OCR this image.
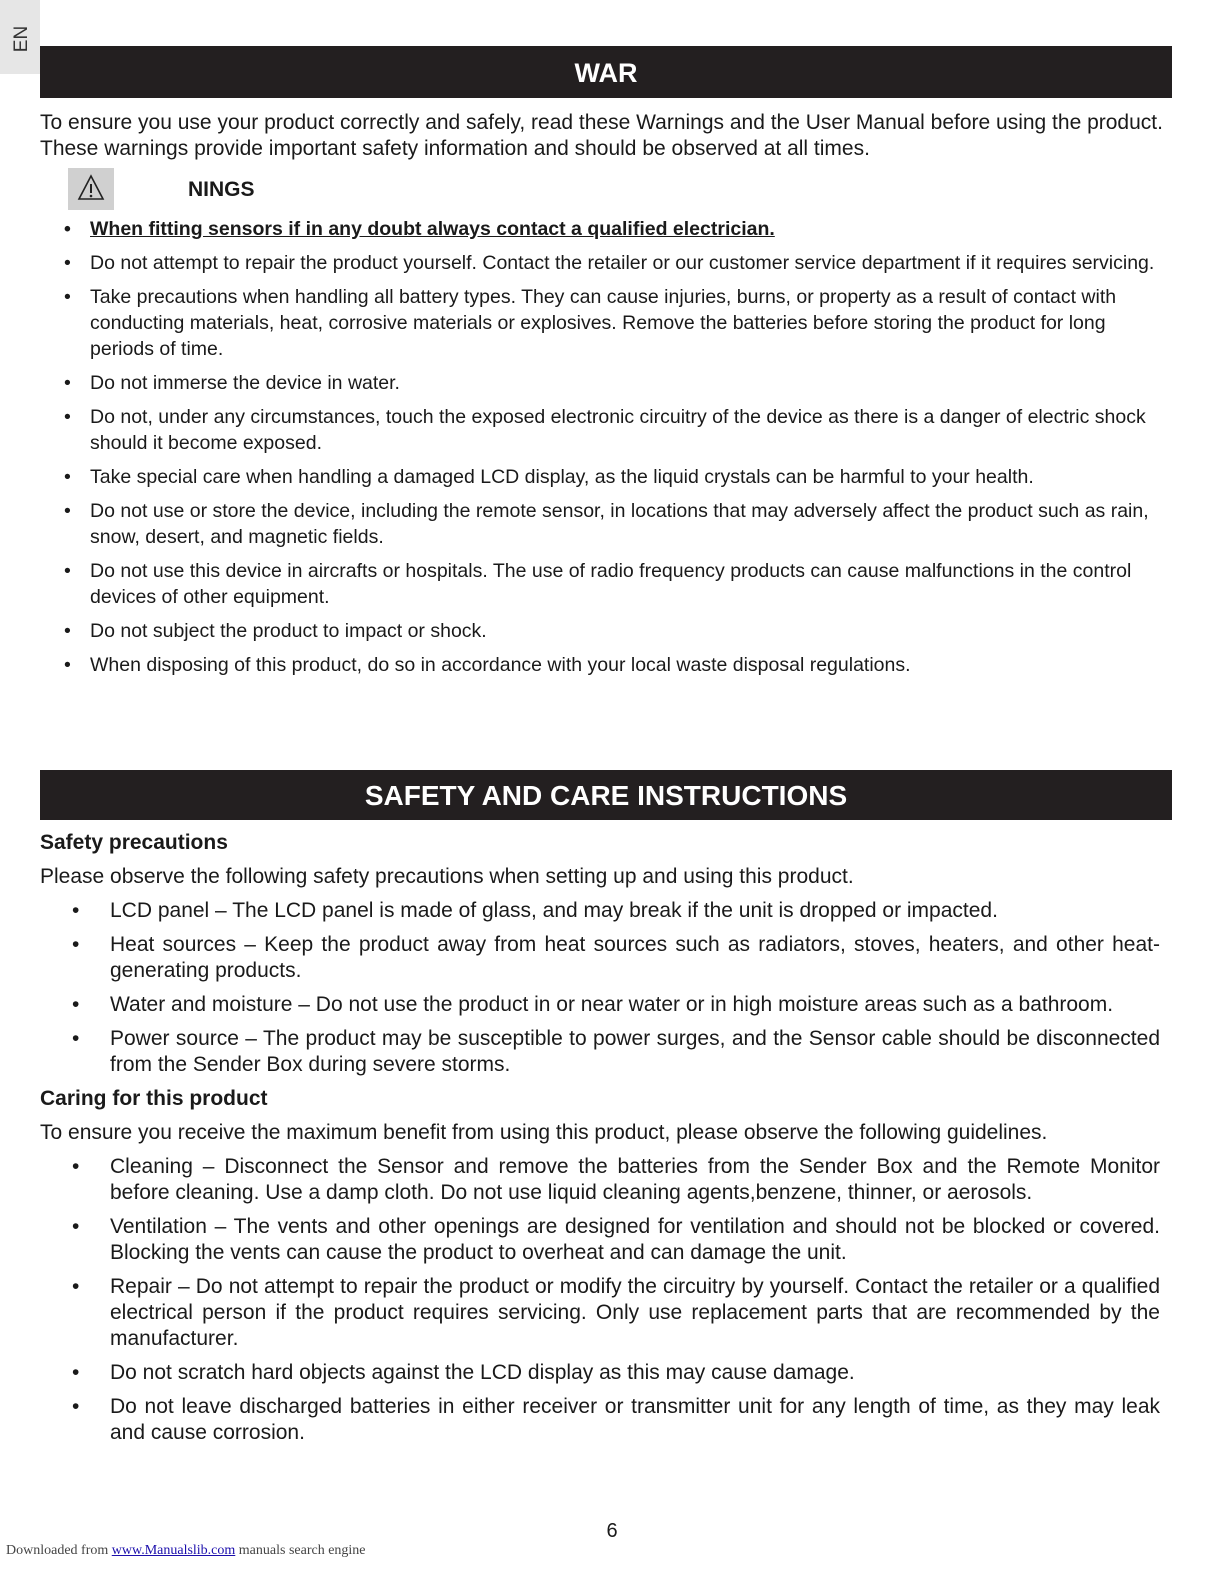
EN
WAR

To ensure you use your product correctly and safely, read these Warnings and the User Manual before using the product. These warnings provide important safety information and should be observed at all times.

NINGS
• When fitting sensors if in any doubt always contact a qualified electrician.
• Do not attempt to repair the product yourself. Contact the retailer or our customer service department if it requires servicing.
• Take precautions when handling all battery types. They can cause injuries, burns, or property as a result of contact with conducting materials, heat, corrosive materials or explosives. Remove the batteries before storing the product for long periods of time.
• Do not immerse the device in water.
• Do not, under any circumstances, touch the exposed electronic circuitry of the device as there is a danger of electric shock should it become exposed.
• Take special care when handling a damaged LCD display, as the liquid crystals can be harmful to your health.
• Do not use or store the device, including the remote sensor, in locations that may adversely affect the product such as rain, snow, desert, and magnetic fields.
• Do not use this device in aircrafts or hospitals. The use of radio frequency products can cause malfunctions in the control devices of other equipment.
• Do not subject the product to impact or shock.
• When disposing of this product, do so in accordance with your local waste disposal regulations.
SAFETY AND CARE INSTRUCTIONS

Safety precautions

Please observe the following safety precautions when setting up and using this product.

• LCD panel – The LCD panel is made of glass, and may break if the unit is dropped or impacted.
• Heat sources – Keep the product away from heat sources such as radiators, stoves, heaters, and other heat-generating products.
• Water and moisture – Do not use the product in or near water or in high moisture areas such as a bathroom.
• Power source – The product may be susceptible to power surges, and the Sensor cable should be disconnected from the Sender Box during severe storms.

Caring for this product

To ensure you receive the maximum benefit from using this product, please observe the following guidelines.

• Cleaning – Disconnect the Sensor and remove the batteries from the Sender Box and the Remote Monitor before cleaning. Use a damp cloth. Do not use liquid cleaning agents,benzene, thinner, or aerosols.
• Ventilation – The vents and other openings are designed for ventilation and should not be blocked or covered. Blocking the vents can cause the product to overheat and can damage the unit.
• Repair – Do not attempt to repair the product or modify the circuitry by yourself. Contact the retailer or a qualified electrical person if the product requires servicing. Only use replacement parts that are recommended by the manufacturer.
• Do not scratch hard objects against the LCD display as this may cause damage.
• Do not leave discharged batteries in either receiver or transmitter unit for any length of time, as they may leak and cause corrosion.
6
Downloaded from www.Manualslib.com manuals search engine
